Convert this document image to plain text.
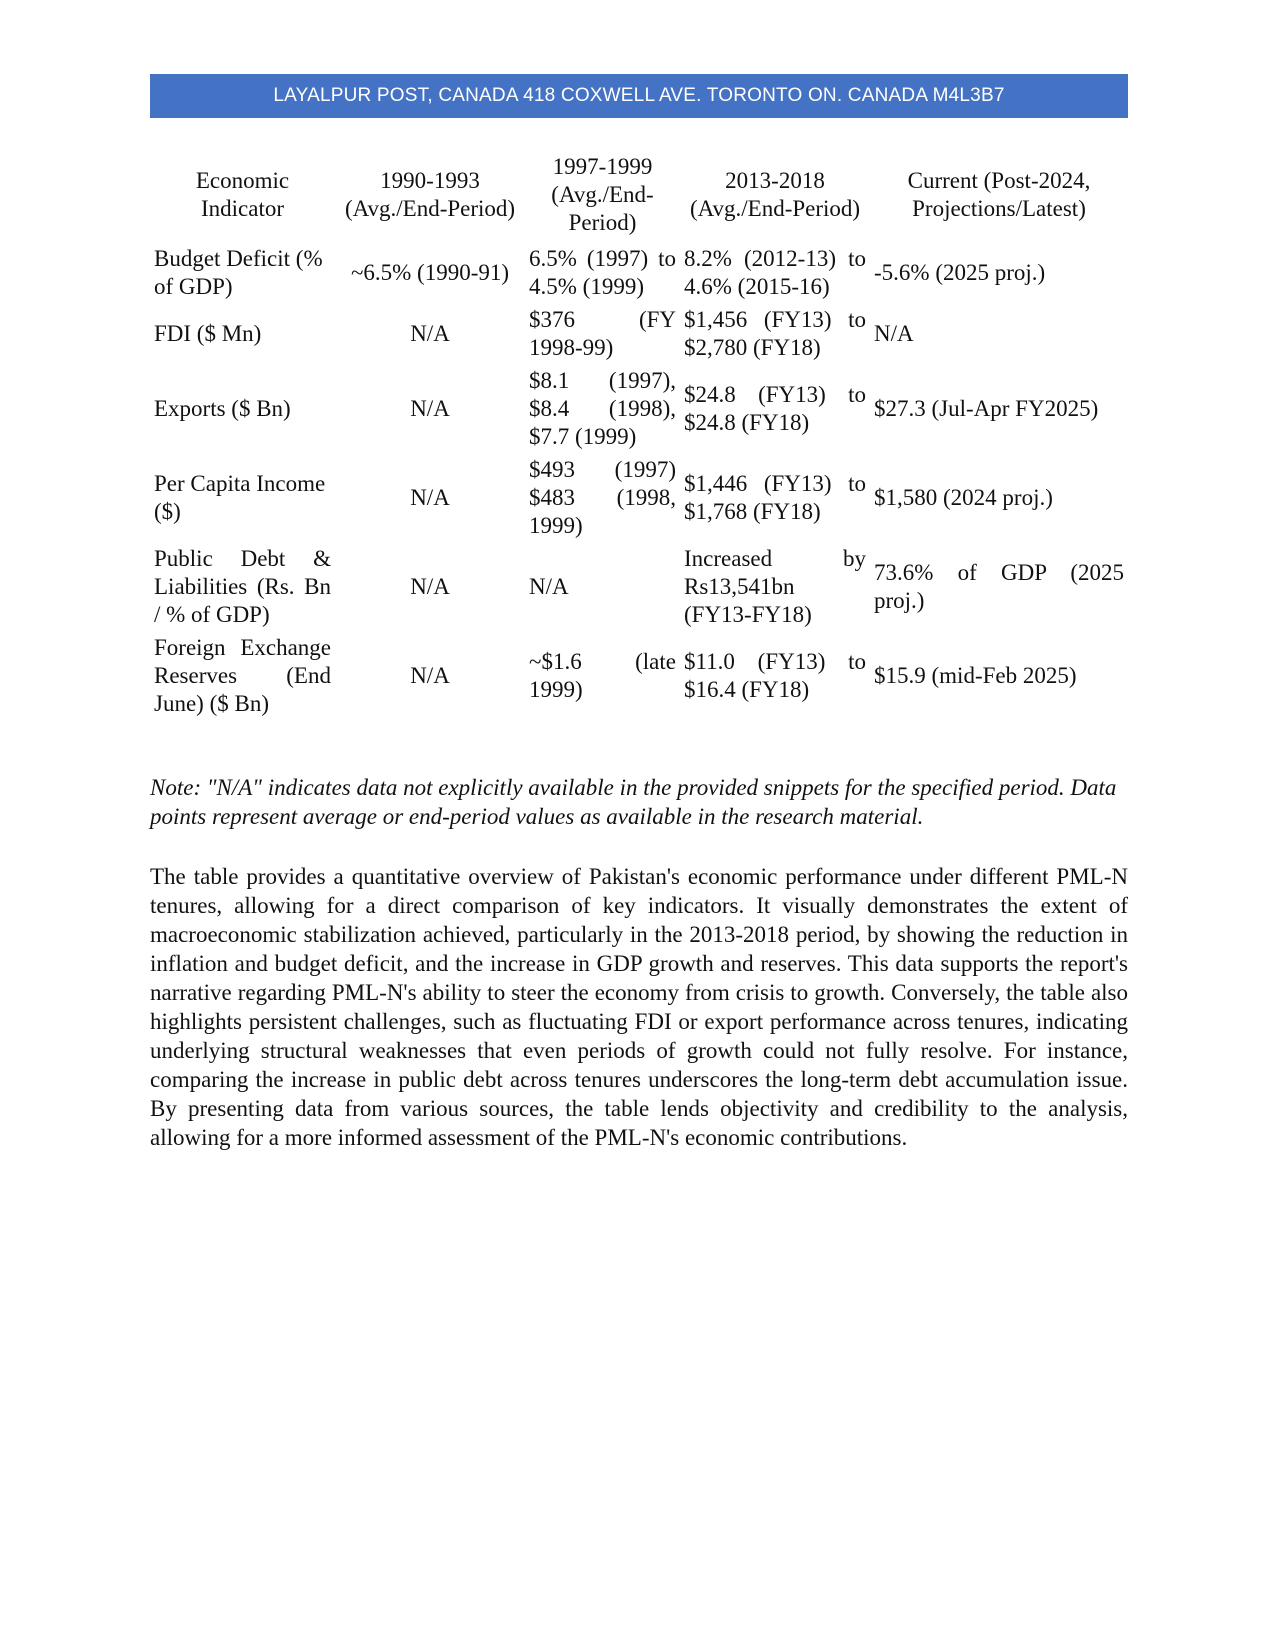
LAYALPUR POST, CANADA 418 COXWELL AVE. TORONTO ON. CANADA M4L3B7
Economic Indicator	1990-1993 (Avg./End-Period)	1997-1999 (Avg./End-Period)	2013-2018 (Avg./End-Period)	Current (Post-2024, Projections/Latest)
Budget Deficit (% of GDP)	~6.5% (1990-91)	6.5% (1997) to 4.5% (1999)	8.2% (2012-13) to 4.6% (2015-16)	-5.6% (2025 proj.)
FDI ($ Mn)	N/A	$376 (FY 1998-99)	$1,456 (FY13) to $2,780 (FY18)	N/A
Exports ($ Bn)	N/A	$8.1 (1997), $8.4 (1998), $7.7 (1999)	$24.8 (FY13) to $24.8 (FY18)	$27.3 (Jul-Apr FY2025)
Per Capita Income ($)	N/A	$493 (1997) $483 (1998, 1999)	$1,446 (FY13) to $1,768 (FY18)	$1,580 (2024 proj.)
Public Debt & Liabilities (Rs. Bn / % of GDP)	N/A	N/A	Increased by Rs13,541bn (FY13-FY18)	73.6% of GDP (2025 proj.)
Foreign Exchange Reserves (End June) ($ Bn)	N/A	~$1.6 (late 1999)	$11.0 (FY13) to $16.4 (FY18)	$15.9 (mid-Feb 2025)
Note: "N/A" indicates data not explicitly available in the provided snippets for the specified period. Data points represent average or end-period values as available in the research material.
The table provides a quantitative overview of Pakistan's economic performance under different PML-N tenures, allowing for a direct comparison of key indicators. It visually demonstrates the extent of macroeconomic stabilization achieved, particularly in the 2013-2018 period, by showing the reduction in inflation and budget deficit, and the increase in GDP growth and reserves. This data supports the report's narrative regarding PML-N's ability to steer the economy from crisis to growth. Conversely, the table also highlights persistent challenges, such as fluctuating FDI or export performance across tenures, indicating underlying structural weaknesses that even periods of growth could not fully resolve. For instance, comparing the increase in public debt across tenures underscores the long-term debt accumulation issue. By presenting data from various sources, the table lends objectivity and credibility to the analysis, allowing for a more informed assessment of the PML-N's economic contributions.
